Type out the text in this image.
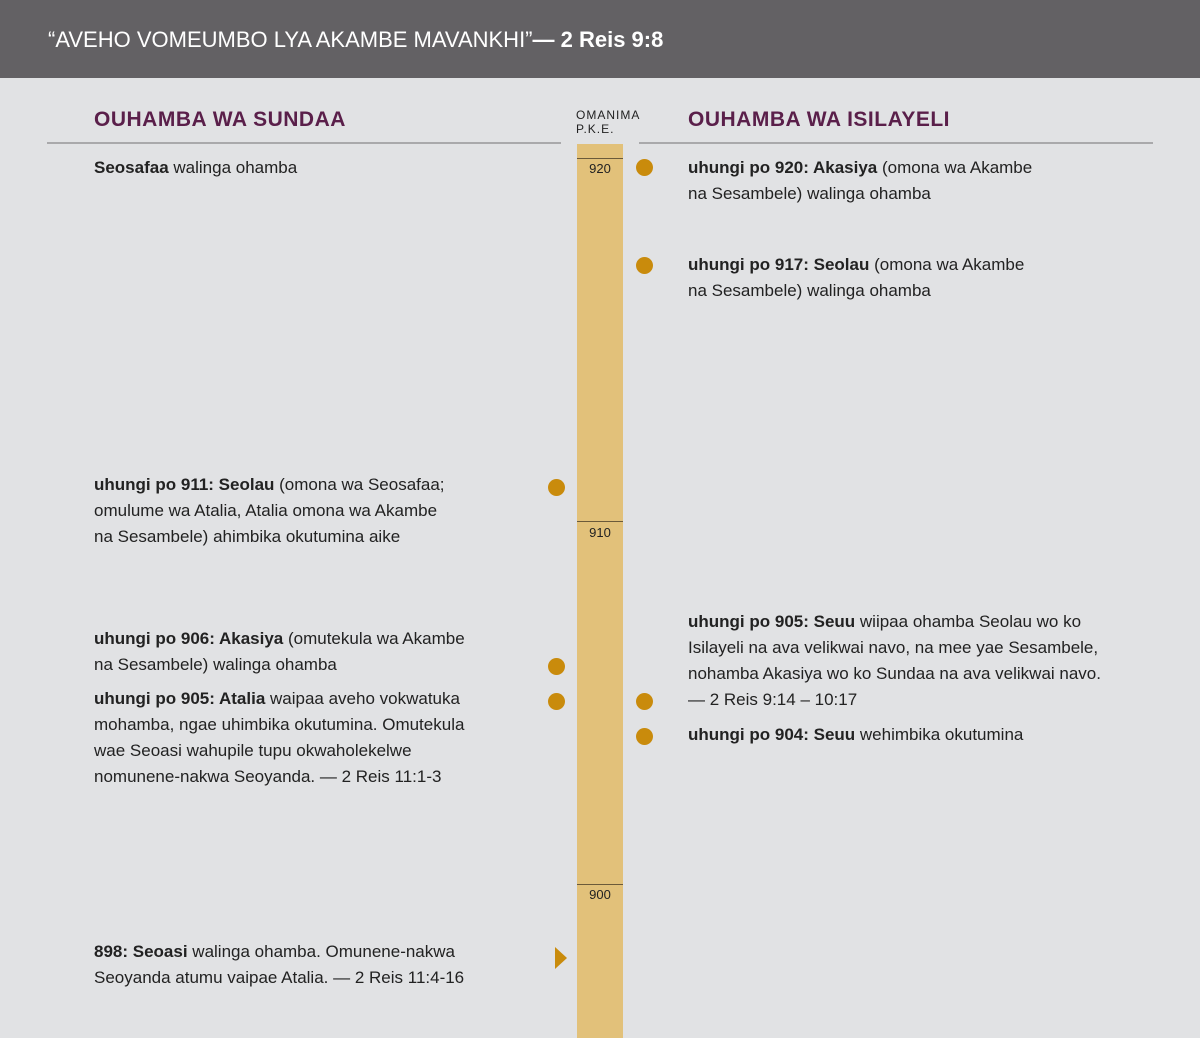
“AVEHO VOMEUMBO LYA AKAMBE MAVANKHI”— 2 Reis 9:8
OUHAMBA WA SUNDAA	OUHAMBA WA ISILAYELI
OMANIMA
P.K.E.
920
910
900
Seosafaa walinga ohamba
uhungi po 911: Seolau (omona wa Seosafaa;
omulume wa Atalia, Atalia omona wa Akambe
na Sesambele) ahimbika okutumina aike
uhungi po 906: Akasiya (omutekula wa Akambe
na Sesambele) walinga ohamba
uhungi po 905: Atalia waipaa aveho vokwatuka
mohamba, ngae uhimbika okutumina. Omutekula
wae Seoasi wahupile tupu okwaholekelwe
nomunene-nakwa Seoyanda. — 2 Reis 11:1-3
898: Seoasi walinga ohamba. Omunene-nakwa
Seoyanda atumu vaipae Atalia. — 2 Reis 11:4-16
uhungi po 920: Akasiya (omona wa Akambe
na Sesambele) walinga ohamba
uhungi po 917: Seolau (omona wa Akambe
na Sesambele) walinga ohamba
uhungi po 905: Seuu wiipaa ohamba Seolau wo ko
Isilayeli na ava velikwai navo, na mee yae Sesambele,
nohamba Akasiya wo ko Sundaa na ava velikwai navo.
— 2 Reis 9:14 – 10:17
uhungi po 904: Seuu wehimbika okutumina
